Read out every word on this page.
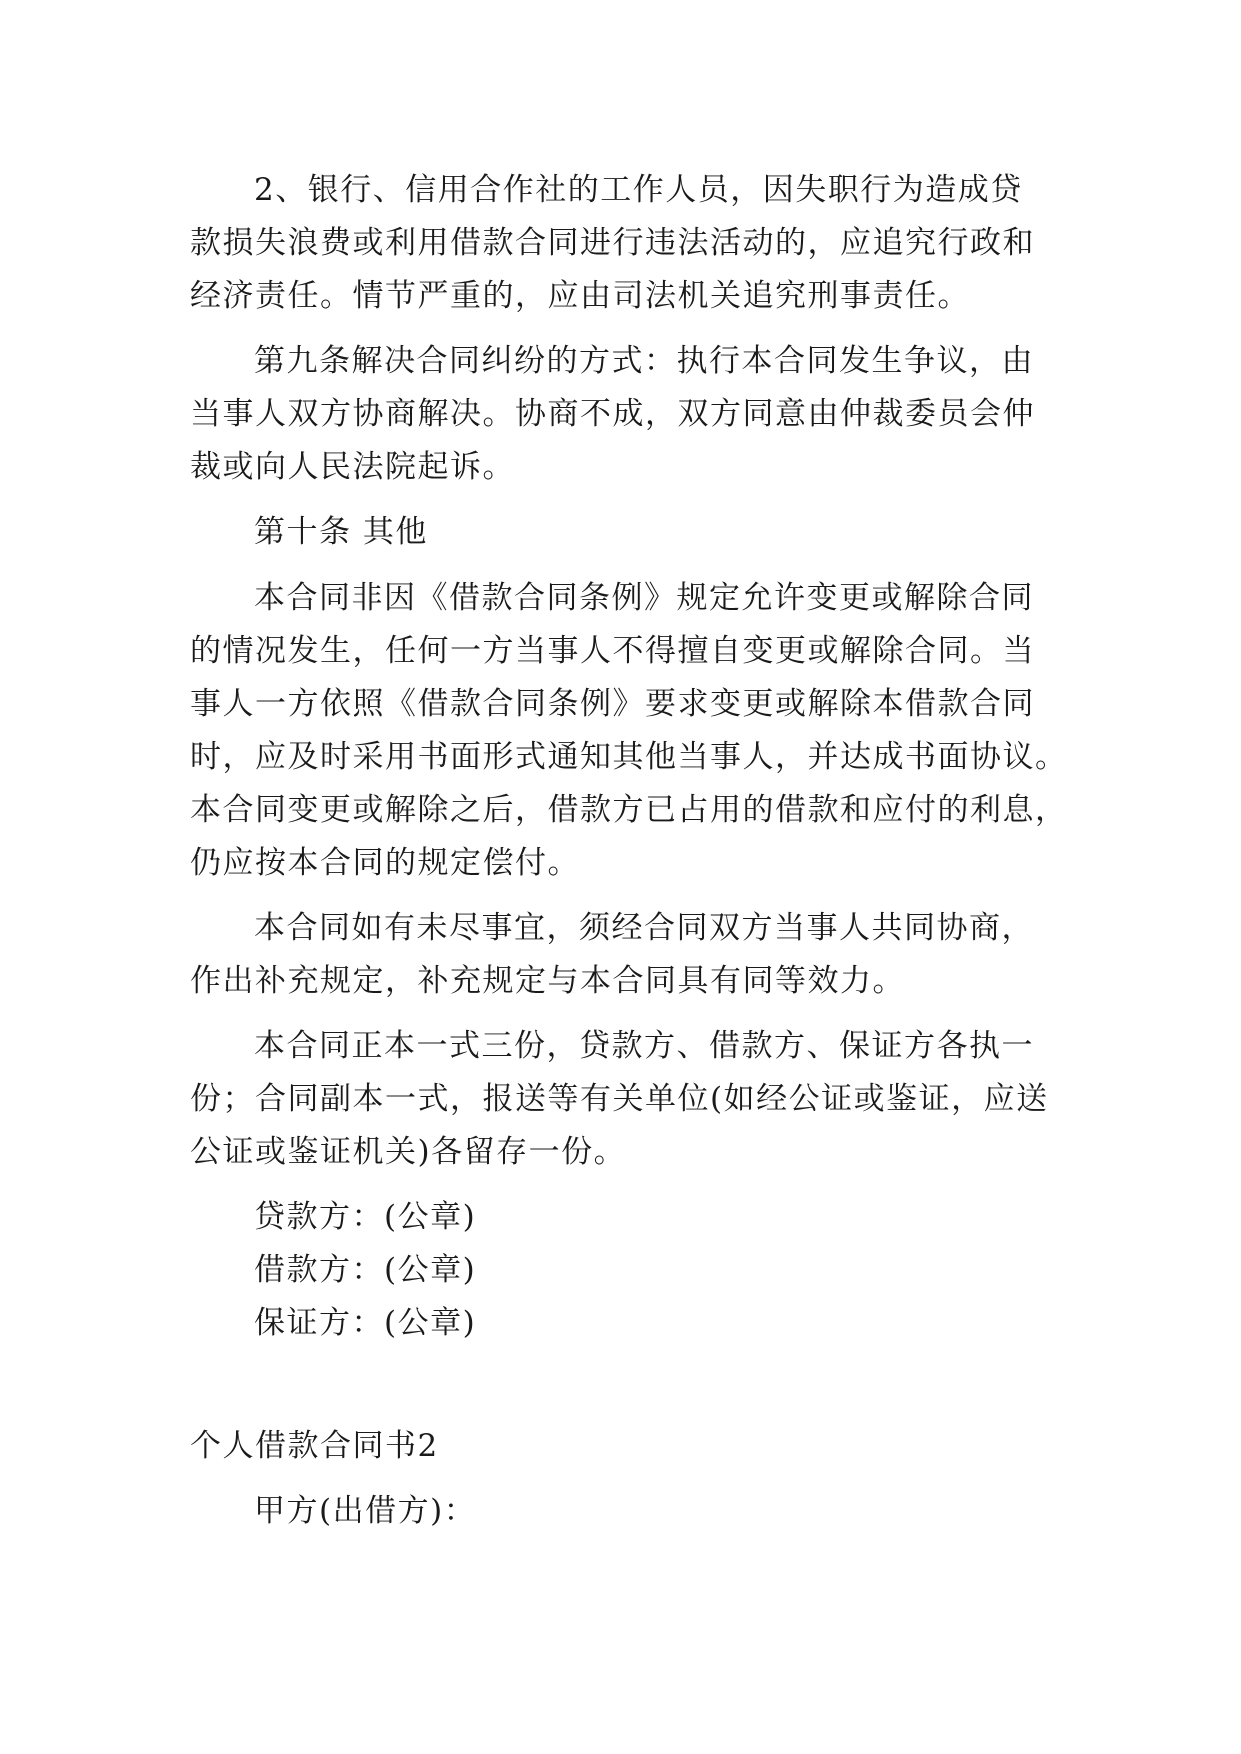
2、银行、信用合作社的工作人员，因失职行为造成贷
款损失浪费或利用借款合同进行违法活动的，应追究行政和
经济责任。情节严重的，应由司法机关追究刑事责任。
第九条解决合同纠纷的方式：执行本合同发生争议，由
当事人双方协商解决。协商不成，双方同意由仲裁委员会仲
裁或向人民法院起诉。
第十条 其他
本合同非因《借款合同条例》规定允许变更或解除合同
的情况发生，任何一方当事人不得擅自变更或解除合同。当
事人一方依照《借款合同条例》要求变更或解除本借款合同
时，应及时采用书面形式通知其他当事人，并达成书面协议。
本合同变更或解除之后，借款方已占用的借款和应付的利息，
仍应按本合同的规定偿付。
本合同如有未尽事宜，须经合同双方当事人共同协商，
作出补充规定，补充规定与本合同具有同等效力。
本合同正本一式三份，贷款方、借款方、保证方各执一
份；合同副本一式，报送等有关单位(如经公证或鉴证，应送
公证或鉴证机关)各留存一份。
贷款方：(公章)
借款方：(公章)
保证方：(公章)
个人借款合同书2
甲方(出借方)：
